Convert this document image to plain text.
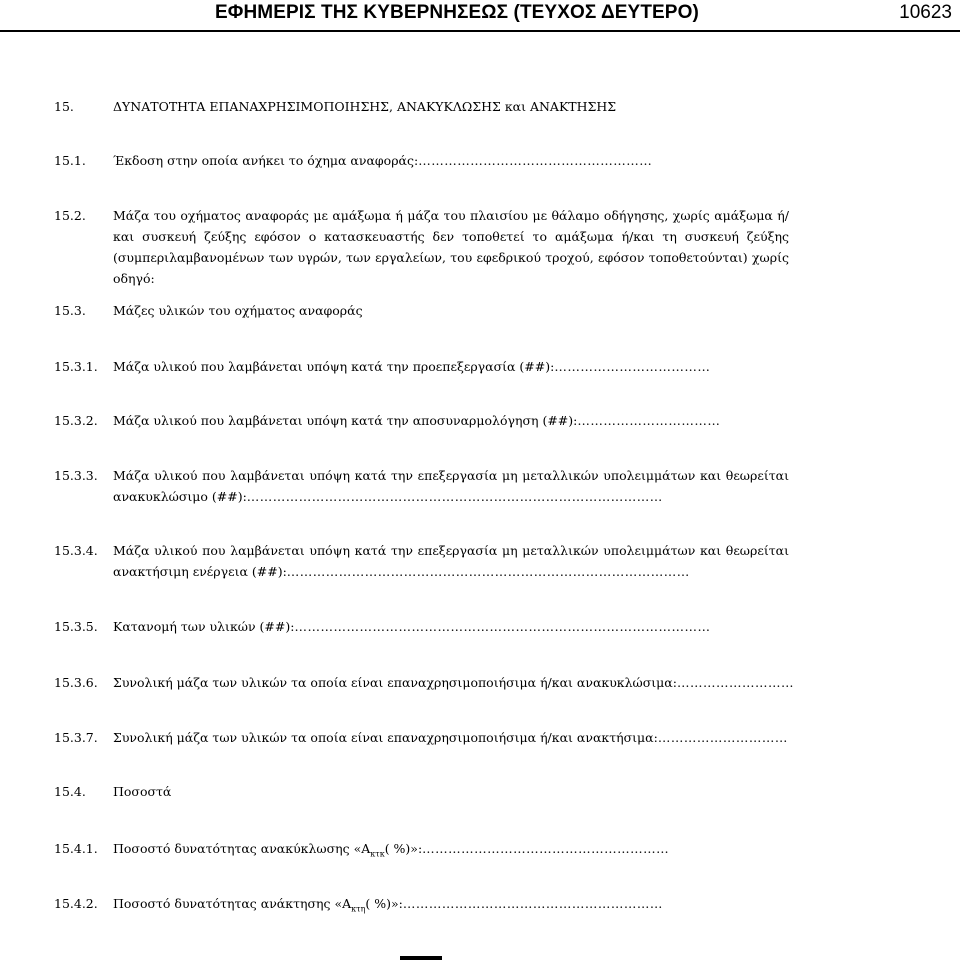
ΕΦΗΜΕΡΙΣ ΤΗΣ ΚΥΒΕΡΝΗΣΕΩΣ (ΤΕΥΧΟΣ ΔΕΥΤΕΡΟ)	10623
15.	ΔΥΝΑΤΟΤΗΤΑ ΕΠΑΝΑΧΡΗΣΙΜΟΠΟΙΗΣΗΣ, ΑΝΑΚΥΚΛΩΣΗΣ και ΑΝΑΚΤΗΣΗΣ
15.1. Έκδοση στην οποία ανήκει το όχημα αναφοράς:………………………………………………
15.2. Μάζα του οχήματος αναφοράς με αμάξωμα ή μάζα του πλαισίου με θάλαμο οδήγησης, χωρίς αμάξωμα ή/και συσκευή ζεύξης εφόσον ο κατασκευαστής δεν τοποθετεί το αμάξωμα ή/και τη συσκευή ζεύξης (συμπεριλαμβανομένων των υγρών, των εργαλείων, του εφεδρικού τροχού, εφόσον τοποθετούνται) χωρίς οδηγό:
15.3. Μάζες υλικών του οχήματος αναφοράς
15.3.1. Μάζα υλικού που λαμβάνεται υπόψη κατά την προεπεξεργασία (##):………………………………
15.3.2. Μάζα υλικού που λαμβάνεται υπόψη κατά την αποσυναρμολόγηση (##):……………………………
15.3.3. Μάζα υλικού που λαμβάνεται υπόψη κατά την επεξεργασία μη μεταλλικών υπολειμμάτων και θεωρείται ανακυκλώσιμο (##):……………………………………………………………………………………
15.3.4. Μάζα υλικού που λαμβάνεται υπόψη κατά την επεξεργασία μη μεταλλικών υπολειμμάτων και θεωρείται ανακτήσιμη ενέργεια (##):…………………………………………………………………………………
15.3.5. Κατανομή των υλικών (##):……………………………………………………………………………………
15.3.6. Συνολική μάζα των υλικών τα οποία είναι επαναχρησιμοποιήσιμα ή/και ανακυκλώσιμα:………………………
15.3.7. Συνολική μάζα των υλικών τα οποία είναι επαναχρησιμοποιήσιμα ή/και ανακτήσιμα:…………………………
15.4. Ποσοστά
15.4.1. Ποσοστό δυνατότητας ανακύκλωσης «$A_{\kappa\tau\kappa}$( %)»:…………………………………………………
15.4.2. Ποσοστό δυνατότητας ανάκτησης «$A_{\kappa\tau\eta}$( %)»:……………………………………………………
